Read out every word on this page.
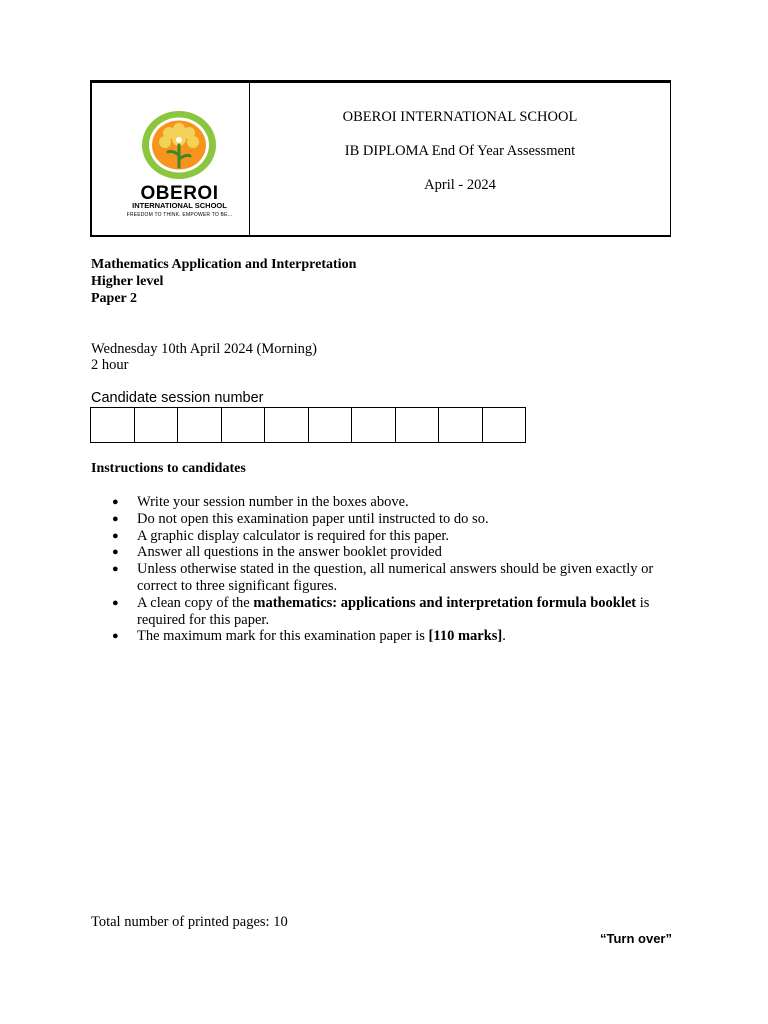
OBEROI
INTERNATIONAL SCHOOL
FREEDOM TO THINK. EMPOWER TO BE...
OBEROI INTERNATIONAL SCHOOL
IB DIPLOMA End Of Year Assessment
April - 2024
Mathematics Application and Interpretation
Higher level
Paper 2
Wednesday 10th April 2024 (Morning)
2 hour
Candidate session number
Instructions to candidates
● Write your session number in the boxes above.
● Do not open this examination paper until instructed to do so.
● A graphic display calculator is required for this paper.
● Answer all questions in the answer booklet provided
● Unless otherwise stated in the question, all numerical answers should be given exactly or correct to three significant figures.
● A clean copy of the mathematics: applications and interpretation formula booklet is required for this paper.
● The maximum mark for this examination paper is [110 marks].
Total number of printed pages: 10
“Turn over”
